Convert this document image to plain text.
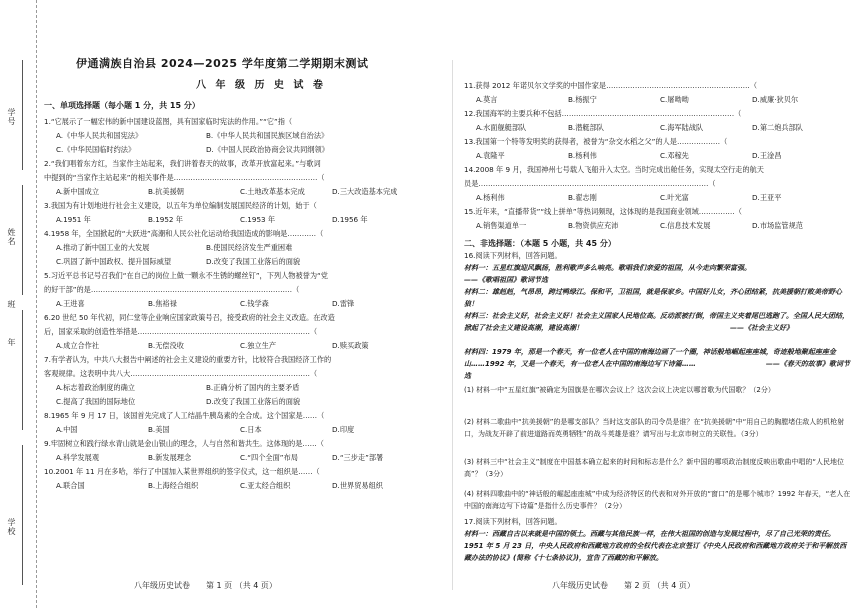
学号
姓名
班
年
学校
伊通满族自治县 2024—2025 学年度第二学期期末测试
八 年 级 历 史 试 卷
一、单项选择题（每小题 1 分，共 15 分）
1.“它展示了一幅宏伟的新中国建设蓝图，具有国家临时宪法的作用。”“它”指（
A.《中华人民共和国宪法》	B.《中华人民共和国民族区域自治法》
C.《中华民国临时约法》	D.《中国人民政治协商会议共同纲领》
2.“我们唱着东方红，当家作主站起来，我们讲着春天的故事，改革开放富起来。”与歌词
中提到的“当家作主站起来”的相关事件是……………………………………………………（
A.新中国成立	B.抗美援朝	C.土地改革基本完成	D.三大改造基本完成
3.我国为有计划地进行社会主义建设，以五年为单位编制发展国民经济的计划，始于（
A.1951 年	B.1952 年	C.1953 年	D.1956 年
4.1958 年，全国掀起的“大跃进”高潮和人民公社化运动给我国造成的影响是…………（
A.推动了新中国工业的大发展	B.使国民经济发生严重困难
C.巩固了新中国政权、提升国际威望	D.改变了我国工业落后的面貌
5.习近平总书记号召我们“在自己的岗位上做一颗永不生锈的螺丝钉”，下列人物被誉为“党
的好干部”的是…………………………………………………………………………（
A.王进喜	B.焦裕禄	C.钱学森	D.雷锋
6.20 世纪 50 年代初，同仁堂等企业响应国家政策号召，接受政府的社会主义改造。在改造
后，国家采取的创造性举措是………………………………………………………………（
A.成立合作社	B.无偿没收	C.独立生产	D.赎买政策
7.有学者认为，中共八大报告中阐述的社会主义建设的重要方针，比较符合我国经济工作的
客观规律。这表明中共八大…………………………………………………………………（
A.标志着政治制度的确立	B.正确分析了国内的主要矛盾
C.提高了我国的国际地位	D.改变了我国工业落后的面貌
8.1965 年 9 月 17 日，该国首先完成了人工结晶牛胰岛素的全合成。这个国家是……（
A.中国	B.美国	C.日本	D.印度
9.牢固树立和践行绿水青山就是金山银山的理念，人与自然和谐共生。这体现的是……（
A.科学发展观	B.新发展理念	C.“四个全面”布局	D.“三步走”部署
10.2001 年 11 月在多哈，举行了中国加入某世界组织的签字仪式，这一组织是……（
A.联合国	B.上海经合组织	C.亚太经合组织	D.世界贸易组织
八年级历史试卷　　第 1 页 （共 4 页）
11.获得 2012 年诺贝尔文学奖的中国作家是……………………………………………………（
A.莫言	B.杨振宁	C.屠呦呦	D.威廉·狄贝尔
12.我国海军的主要兵种不包括………………………………………………………………（
A.水面舰艇部队	B.潜艇部队	C.海军陆战队	D.第二炮兵部队
13.我国第一个特等发明奖的获得者，被誉为“杂交水稻之父”的人是………………（
A.袁隆平	B.杨利伟	C.邓稼先	D.王淦昌
14.2008 年 9 月，我国神州七号载人飞船升入太空。当时完成出舱任务，实现太空行走的航天
员是……………………………………………………………………………………（
A.杨利伟	B.翟志刚	C.叶光富	D.王亚平
15.近年来，“直播带货”“线上拼单”等热词频现，这体现的是我国商业领域……………（
A.销售渠道单一	B.物资供应充沛	C.信息技术发展	D.市场监管规范
二、非选择题：（本题 5 小题，共 45 分）
16.阅读下列材料，回答问题。
材料一：五星红旗迎风飘扬，胜利歌声多么响亮。歌唱我们亲爱的祖国，从今走向繁荣富强。　　　　　　　　　　　　　　　　——《歌唱祖国》歌词节选
材料二：雄赳赳，气昂昂，跨过鸭绿江。保和平，卫祖国，就是保家乡。中国好儿女，齐心团结紧，抗美援朝打败美帝野心狼！
材料三：社会主义好，社会主义好！社会主义国家人民地位高。反动派被打倒，帝国主义夹着尾巴逃跑了。全国人民大团结，掀起了社会主义建设高潮，建设高潮！　　　　　　　　　　　　　　　　　　　　　——《社会主义好》
材料四：1979 年，那是一个春天，有一位老人在中国的南海边画了一个圈，神话般地崛起座座城，奇迹般地聚起座座金山……1992 年，又是一个春天，有一位老人在中国的南海边写下诗篇……　　　　　　　　　　——《春天的故事》歌词节选
(1) 材料一中“五星红旗”被确定为国旗是在哪次会议上？这次会议上决定以哪首歌为代国歌？（2分）
(2) 材料二歌曲中“抗美援朝”的是哪支部队？当时这支部队的司令员是谁？在“抗美援朝”中“用自己的胸膛堵住敌人的机枪射口，为战友开辟了前进道路而英勇牺牲”的战斗英雄是谁？请写出与北京市树立的关联性。（3分）
(3) 材料三中“社会主义”制度在中国基本确立起来的时间和标志是什么？新中国的哪项政治制度反映出歌曲中唱的“人民地位高”？（3分）
(4) 材料四歌曲中的“神话般的崛起座座城”中成为经济特区的代表和对外开放的“窗口”的是哪个城市？1992 年春天，“老人在中国的南海边写下诗篇”是指什么历史事件？（2分）
17.阅读下列材料，回答问题。
材料一：西藏自古以来就是中国的领土。西藏与其他民族一样，在伟大祖国的创造与发展过程中，尽了自己光荣的责任。1951 年 5 月 23 日，中央人民政府和西藏地方政府的全权代表在北京签订《中央人民政府和西藏地方政府关于和平解放西藏办法的协议》(简称《十七条协议》)，宣告了西藏的和平解放。
八年级历史试卷　　第 2 页 （共 4 页）
